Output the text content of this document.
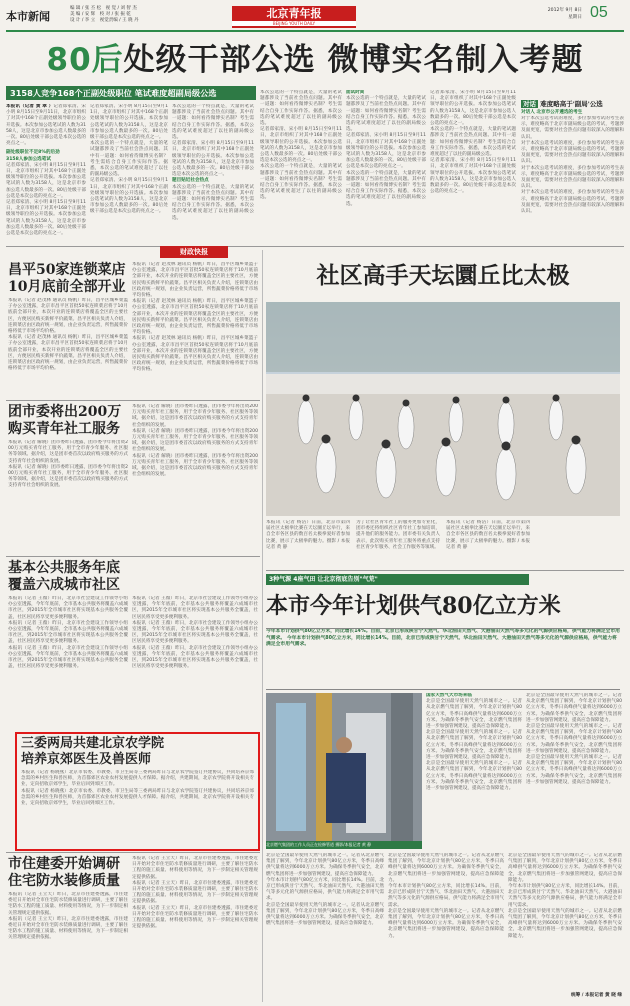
本市新闻
编 辑 / 张 丕 松　视 觉 / 刘 智 杰
美 编 / 安 辉　校 对 / 张 振 乾
设 计 / 李 立　视觉责编 / 王 晓 丹
北京青年报
BEIJING YOUTH DAILY
2012年 9月 8日
星期日 05
80后处级干部公选 微博实名制入考题
3158人竞争168个正副处级职位 笔试难度超副局级公选

本报讯（记者 黄 翠 ）记者郑家清、宋小明 8月15日至9月11日，北京市组织了对其中168个正副处级领导职位的公开选拔。本次参加公选笔试的人数为3158人，这是北京市参加公选人数最多的一次。80后处级干部公选是本次公选的亮点之一。

副处级职位不足8%的后劲

3158人参加公选笔试

记者郑家清、宋小明 8月15日至9月11日，北京市组织了对其中168个正副处级领导职位的公开选拔。本次参加公选笔试的人数为3158人，这是北京市参加公选人数最多的一次。80后处级干部公选是本次公选的亮点之一。

记者郑家清、宋小明 8月15日至9月11日，北京市组织了对其中168个正副处级领导职位的公开选拔。本次参加公选笔试的人数为3158人，这是北京市参加公选人数最多的一次。80后处级干部公选是本次公选的亮点之一。

记者郑家清、宋小明 8月15日至9月11日，北京市组织了对其中168个正副处级领导职位的公开选拔。本次参加公选笔试的人数为3158人，这是北京市参加公选人数最多的一次。80后处级干部公选是本次公选的亮点之一。

本次公选的一个特点就是，大量的笔试题都涉及了当前社会热点问题。其中有一道题：如何看待微博实名制？考生需结合自身工作实际作答。据悉，本次公选的笔试难度超过了以往的副局级公选。

记者郑家清、宋小明 8月15日至9月11日，北京市组织了对其中168个正副处级领导职位的公开选拔。本次参加公选笔试的人数为3158人，这是北京市参加公选人数最多的一次。80后处级干部公选是本次公选的亮点之一。

本次公选的一个特点就是，大量的笔试题都涉及了当前社会热点问题。其中有一道题：如何看待微博实名制？考生需结合自身工作实际作答。据悉，本次公选的笔试难度超过了以往的副局级公选。

记者郑家清、宋小明 8月15日至9月11日，北京市组织了对其中168个正副处级领导职位的公开选拔。本次参加公选笔试的人数为3158人，这是北京市参加公选人数最多的一次。80后处级干部公选是本次公选的亮点之一。

题目贴近社会热点

本次公选的一个特点就是，大量的笔试题都涉及了当前社会热点问题。其中有一道题：如何看待微博实名制？考生需结合自身工作实际作答。据悉，本次公选的笔试难度超过了以往的副局级公选。

本次公选的一个特点就是，大量的笔试题都涉及了当前社会热点问题。其中有一道题：如何看待微博实名制？考生需结合自身工作实际作答。据悉，本次公选的笔试难度超过了以往的副局级公选。

记者郑家清、宋小明 8月15日至9月11日，北京市组织了对其中168个正副处级领导职位的公开选拔。本次参加公选笔试的人数为3158人，这是北京市参加公选人数最多的一次。80后处级干部公选是本次公选的亮点之一。

本次公选的一个特点就是，大量的笔试题都涉及了当前社会热点问题。其中有一道题：如何看待微博实名制？考生需结合自身工作实际作答。据悉，本次公选的笔试难度超过了以往的副局级公选。

面试时间

本次公选的一个特点就是，大量的笔试题都涉及了当前社会热点问题。其中有一道题：如何看待微博实名制？考生需结合自身工作实际作答。据悉，本次公选的笔试难度超过了以往的副局级公选。

记者郑家清、宋小明 8月15日至9月11日，北京市组织了对其中168个正副处级领导职位的公开选拔。本次参加公选笔试的人数为3158人，这是北京市参加公选人数最多的一次。80后处级干部公选是本次公选的亮点之一。

本次公选的一个特点就是，大量的笔试题都涉及了当前社会热点问题。其中有一道题：如何看待微博实名制？考生需结合自身工作实际作答。据悉，本次公选的笔试难度超过了以往的副局级公选。

记者郑家清、宋小明 8月15日至9月11日，北京市组织了对其中168个正副处级领导职位的公开选拔。本次参加公选笔试的人数为3158人，这是北京市参加公选人数最多的一次。80后处级干部公选是本次公选的亮点之一。

本次公选的一个特点就是，大量的笔试题都涉及了当前社会热点问题。其中有一道题：如何看待微博实名制？考生需结合自身工作实际作答。据悉，本次公选的笔试难度超过了以往的副局级公选。

记者郑家清、宋小明 8月15日至9月11日，北京市组织了对其中168个正副处级领导职位的公开选拔。本次参加公选笔试的人数为3158人，这是北京市参加公选人数最多的一次。80后处级干部公选是本次公选的亮点之一。

对话 难度略高于'副局'公选
对话人 北京市公开遴选的考生

对于本次公选考试的难度，多位参加考试的考生表示，难度略高于北京市副局级公选的考试，考题涉及面更宽，需要对社会热点问题有较深入的理解和认识。

对于本次公选考试的难度，多位参加考试的考生表示，难度略高于北京市副局级公选的考试，考题涉及面更宽，需要对社会热点问题有较深入的理解和认识。

对于本次公选考试的难度，多位参加考试的考生表示，难度略高于北京市副局级公选的考试，考题涉及面更宽，需要对社会热点问题有较深入的理解和认识。

对于本次公选考试的难度，多位参加考试的考生表示，难度略高于北京市副局级公选的考试，考题涉及面更宽，需要对社会热点问题有较深入的理解和认识。

财政快报
昌平50家连锁菜店
10月底前全部开业

本报讯（记者 赵茂林 通讯员 杨帆）昨日，昌平区城乡菜篮子办公室透露，北京市昌平区首批50家连锁菜店将于10月底前全部开业，本次开业的连锁菜店将覆盖全区的主要社区，方便居民购买新鲜平价蔬菜。昌平区相关负责人介绍，连锁菜店由区政府统一规划，由企业负责运营，所售蔬菜价格将低于市场平均价格。

本报讯（记者 赵茂林 通讯员 杨帆）昨日，昌平区城乡菜篮子办公室透露，北京市昌平区首批50家连锁菜店将于10月底前全部开业，本次开业的连锁菜店将覆盖全区的主要社区，方便居民购买新鲜平价蔬菜。昌平区相关负责人介绍，连锁菜店由区政府统一规划，由企业负责运营，所售蔬菜价格将低于市场平均价格。

本报讯（记者 赵茂林 通讯员 杨帆）昨日，昌平区城乡菜篮子办公室透露，北京市昌平区首批50家连锁菜店将于10月底前全部开业，本次开业的连锁菜店将覆盖全区的主要社区，方便居民购买新鲜平价蔬菜。昌平区相关负责人介绍，连锁菜店由区政府统一规划，由企业负责运营，所售蔬菜价格将低于市场平均价格。

本报讯（记者 赵茂林 通讯员 杨帆）昨日，昌平区城乡菜篮子办公室透露，北京市昌平区首批50家连锁菜店将于10月底前全部开业，本次开业的连锁菜店将覆盖全区的主要社区，方便居民购买新鲜平价蔬菜。昌平区相关负责人介绍，连锁菜店由区政府统一规划，由企业负责运营，所售蔬菜价格将低于市场平均价格。

本报讯（记者 赵茂林 通讯员 杨帆）昨日，昌平区城乡菜篮子办公室透露，北京市昌平区首批50家连锁菜店将于10月底前全部开业，本次开业的连锁菜店将覆盖全区的主要社区，方便居民购买新鲜平价蔬菜。昌平区相关负责人介绍，连锁菜店由区政府统一规划，由企业负责运营，所售蔬菜价格将低于市场平均价格。

团市委将出200万
购买青年社工服务

本报讯（记者 解晓）团市委昨日透露，团市委今年将出资200万元购买青年社工服务，用于全市青少年服务、社区服务等领域。据介绍，这是团市委首次以政府购买服务的方式支持青年社会组织的发展。

本报讯（记者 解晓）团市委昨日透露，团市委今年将出资200万元购买青年社工服务，用于全市青少年服务、社区服务等领域。据介绍，这是团市委首次以政府购买服务的方式支持青年社会组织的发展。

本报讯（记者 解晓）团市委昨日透露，团市委今年将出资200万元购买青年社工服务，用于全市青少年服务、社区服务等领域。据介绍，这是团市委首次以政府购买服务的方式支持青年社会组织的发展。

本报讯（记者 解晓）团市委昨日透露，团市委今年将出资200万元购买青年社工服务，用于全市青少年服务、社区服务等领域。据介绍，这是团市委首次以政府购买服务的方式支持青年社会组织的发展。

本报讯（记者 解晓）团市委昨日透露，团市委今年将出资200万元购买青年社工服务，用于全市青少年服务、社区服务等领域。据介绍，这是团市委首次以政府购买服务的方式支持青年社会组织的发展。

基本公共服务年底
覆盖六成城市社区

本报讯（记者 王薇）昨日，北京市社会建设工作领导小组办公室透露，今年年底前，全市基本公共服务将覆盖六成城市社区，到2015年全市城市社区将实现基本公共服务全覆盖，社区居民将享受更多便利服务。

本报讯（记者 王薇）昨日，北京市社会建设工作领导小组办公室透露，今年年底前，全市基本公共服务将覆盖六成城市社区，到2015年全市城市社区将实现基本公共服务全覆盖，社区居民将享受更多便利服务。

本报讯（记者 王薇）昨日，北京市社会建设工作领导小组办公室透露，今年年底前，全市基本公共服务将覆盖六成城市社区，到2015年全市城市社区将实现基本公共服务全覆盖，社区居民将享受更多便利服务。

本报讯（记者 王薇）昨日，北京市社会建设工作领导小组办公室透露，今年年底前，全市基本公共服务将覆盖六成城市社区，到2015年全市城市社区将实现基本公共服务全覆盖，社区居民将享受更多便利服务。

本报讯（记者 王薇）昨日，北京市社会建设工作领导小组办公室透露，今年年底前，全市基本公共服务将覆盖六成城市社区，到2015年全市城市社区将实现基本公共服务全覆盖，社区居民将享受更多便利服务。

本报讯（记者 王薇）昨日，北京市社会建设工作领导小组办公室透露，今年年底前，全市基本公共服务将覆盖六成城市社区，到2015年全市城市社区将实现基本公共服务全覆盖，社区居民将享受更多便利服务。

三委两局共建北京农学院
培养京郊医生及兽医师

本报讯（记者 杨晓燕）北京市农委、市教委、市卫生局等三委两局昨日与北京农学院签订共建协议，共同培养京郊急需的乡村医生和兽医师，为首都郊区农业农村发展提供人才保障。据介绍，共建期间，北京农学院将开设相关专业，定向招收京郊学生，毕业后回到郊区工作。

本报讯（记者 杨晓燕）北京市农委、市教委、市卫生局等三委两局昨日与北京农学院签订共建协议，共同培养京郊急需的乡村医生和兽医师，为首都郊区农业农村发展提供人才保障。据介绍，共建期间，北京农学院将开设相关专业，定向招收京郊学生，毕业后回到郊区工作。

市住建委开始调研
住宅防水装修质量

本报讯（记者 王立天）昨日，北京市住建委透露，市住建委近日开始对全市住宅防水装修质量进行调研，主要了解住宅防水工程的施工质量、材料使用等情况，为下一步制定相关管理规定提供依据。

本报讯（记者 王立天）昨日，北京市住建委透露，市住建委近日开始对全市住宅防水装修质量进行调研，主要了解住宅防水工程的施工质量、材料使用等情况，为下一步制定相关管理规定提供依据。

本报讯（记者 王立天）昨日，北京市住建委透露，市住建委近日开始对全市住宅防水装修质量进行调研，主要了解住宅防水工程的施工质量、材料使用等情况，为下一步制定相关管理规定提供依据。

本报讯（记者 王立天）昨日，北京市住建委透露，市住建委近日开始对全市住宅防水装修质量进行调研，主要了解住宅防水工程的施工质量、材料使用等情况，为下一步制定相关管理规定提供依据。

本报讯（记者 王立天）昨日，北京市住建委透露，市住建委近日开始对全市住宅防水装修质量进行调研，主要了解住宅防水工程的施工质量、材料使用等情况，为下一步制定相关管理规定提供依据。

社区高手天坛圜丘比太极

本报讯（记者 杨洁）日前，北京市第四届社区太极拳比赛在天坛圜丘坛举行，来自全市各区县的数百名太极拳爱好者参加比赛，展示了太极拳的魅力。摄影 / 本报记者 黄 静

为了让社区青年社工的服务更加专业化，团市委还将组织社区青年社工参加培训，提升他们的服务能力。团市委有关负责人表示，此次购买青年社工服务将重点支持社区青少年服务、社会工作服务等领域。

本报讯（记者 杨洁）日前，北京市第四届社区太极拳比赛在天坛圜丘坛举行，来自全市各区县的数百名太极拳爱好者参加比赛，展示了太极拳的魅力。摄影 / 本报记者 黄 静

3种气源 4座气田 让北京彻底告别"气荒"
本市今年计划供气80亿立方米
今年本市计划供气80亿立方米，同比增长14%。目前，北京已形成陕甘宁天然气、华北油田天然气、大港油田天然气等多元化的气源供应格局，供气能力将满足全市用气需求。 今年本市计划供气80亿立方米，同比增长14%。目前，北京已形成陕甘宁天然气、华北油田天然气、大港油田天然气等多元化的气源供应格局，供气能力将满足全市用气需求。
北京燃气集团的工作人员正在检修管道 摄影/本报记者 黄 静

国家天然气大市场来临

北京是全国最早使用天然气的城市之一。记者从北京燃气集团了解到，今年北京计划供气80亿立方米，冬季日高峰供气量将达到6000万立方米。为确保冬季供气安全，北京燃气集团将进一步加强管网建设，提高应急保障能力。

北京是全国最早使用天然气的城市之一。记者从北京燃气集团了解到，今年北京计划供气80亿立方米，冬季日高峰供气量将达到6000万立方米。为确保冬季供气安全，北京燃气集团将进一步加强管网建设，提高应急保障能力。

北京是全国最早使用天然气的城市之一。记者从北京燃气集团了解到，今年北京计划供气80亿立方米，冬季日高峰供气量将达到6000万立方米。为确保冬季供气安全，北京燃气集团将进一步加强管网建设，提高应急保障能力。

北京是全国最早使用天然气的城市之一。记者从北京燃气集团了解到，今年北京计划供气80亿立方米，冬季日高峰供气量将达到6000万立方米。为确保冬季供气安全，北京燃气集团将进一步加强管网建设，提高应急保障能力。

北京是全国最早使用天然气的城市之一。记者从北京燃气集团了解到，今年北京计划供气80亿立方米，冬季日高峰供气量将达到6000万立方米。为确保冬季供气安全，北京燃气集团将进一步加强管网建设，提高应急保障能力。

北京是全国最早使用天然气的城市之一。记者从北京燃气集团了解到，今年北京计划供气80亿立方米，冬季日高峰供气量将达到6000万立方米。为确保冬季供气安全，北京燃气集团将进一步加强管网建设，提高应急保障能力。

北京是全国最早使用天然气的城市之一。记者从北京燃气集团了解到，今年北京计划供气80亿立方米，冬季日高峰供气量将达到6000万立方米。为确保冬季供气安全，北京燃气集团将进一步加强管网建设，提高应急保障能力。

今年本市计划供气80亿立方米，同比增长14%。目前，北京已形成陕甘宁天然气、华北油田天然气、大港油田天然气等多元化的气源供应格局，供气能力将满足全市用气需求。

北京是全国最早使用天然气的城市之一。记者从北京燃气集团了解到，今年北京计划供气80亿立方米，冬季日高峰供气量将达到6000万立方米。为确保冬季供气安全，北京燃气集团将进一步加强管网建设，提高应急保障能力。

北京是全国最早使用天然气的城市之一。记者从北京燃气集团了解到，今年北京计划供气80亿立方米，冬季日高峰供气量将达到6000万立方米。为确保冬季供气安全，北京燃气集团将进一步加强管网建设，提高应急保障能力。

今年本市计划供气80亿立方米，同比增长14%。目前，北京已形成陕甘宁天然气、华北油田天然气、大港油田天然气等多元化的气源供应格局，供气能力将满足全市用气需求。

北京是全国最早使用天然气的城市之一。记者从北京燃气集团了解到，今年北京计划供气80亿立方米，冬季日高峰供气量将达到6000万立方米。为确保冬季供气安全，北京燃气集团将进一步加强管网建设，提高应急保障能力。

北京是全国最早使用天然气的城市之一。记者从北京燃气集团了解到，今年北京计划供气80亿立方米，冬季日高峰供气量将达到6000万立方米。为确保冬季供气安全，北京燃气集团将进一步加强管网建设，提高应急保障能力。

今年本市计划供气80亿立方米，同比增长14%。目前，北京已形成陕甘宁天然气、华北油田天然气、大港油田天然气等多元化的气源供应格局，供气能力将满足全市用气需求。

北京是全国最早使用天然气的城市之一。记者从北京燃气集团了解到，今年北京计划供气80亿立方米，冬季日高峰供气量将达到6000万立方米。为确保冬季供气安全，北京燃气集团将进一步加强管网建设，提高应急保障能力。

统筹 / 本报记者 黄 晓 绿
